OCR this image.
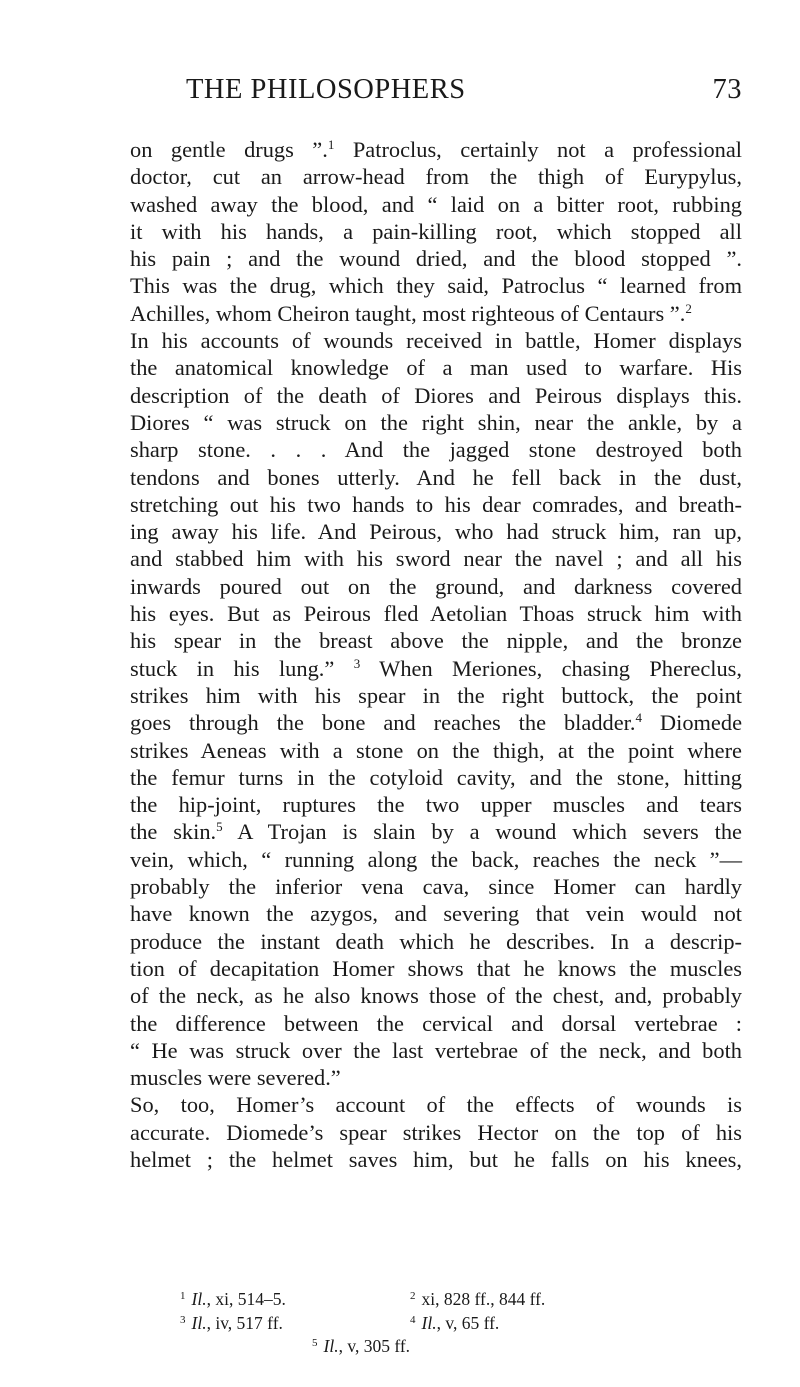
THE PHILOSOPHERS	73
on gentle drugs ”.$^1$ Patroclus, certainly not a professional
doctor, cut an arrow-head from the thigh of Eurypylus,
washed away the blood, and “ laid on a bitter root, rubbing
it with his hands, a pain-killing root, which stopped all
his pain ; and the wound dried, and the blood stopped ”.
This was the drug, which they said, Patroclus “ learned from
Achilles, whom Cheiron taught, most righteous of Centaurs ”.$^2$
In his accounts of wounds received in battle, Homer displays
the anatomical knowledge of a man used to warfare. His
description of the death of Diores and Peirous displays this.
Diores “ was struck on the right shin, near the ankle, by a
sharp stone. . . . And the jagged stone destroyed both
tendons and bones utterly. And he fell back in the dust,
stretching out his two hands to his dear comrades, and breath-
ing away his life. And Peirous, who had struck him, ran up,
and stabbed him with his sword near the navel ; and all his
inwards poured out on the ground, and darkness covered
his eyes. But as Peirous fled Aetolian Thoas struck him with
his spear in the breast above the nipple, and the bronze
stuck in his lung.” $^3$ When Meriones, chasing Phereclus,
strikes him with his spear in the right buttock, the point
goes through the bone and reaches the bladder.$^4$ Diomede
strikes Aeneas with a stone on the thigh, at the point where
the femur turns in the cotyloid cavity, and the stone, hitting
the hip-joint, ruptures the two upper muscles and tears
the skin.$^5$ A Trojan is slain by a wound which severs the
vein, which, “ running along the back, reaches the neck ”—
probably the inferior vena cava, since Homer can hardly
have known the azygos, and severing that vein would not
produce the instant death which he describes. In a descrip-
tion of decapitation Homer shows that he knows the muscles
of the neck, as he also knows those of the chest, and, probably
the difference between the cervical and dorsal vertebrae :
“ He was struck over the last vertebrae of the neck, and both
muscles were severed.”
So, too, Homer’s account of the effects of wounds is
accurate. Diomede’s spear strikes Hector on the top of his
helmet ; the helmet saves him, but he falls on his knees,
$^1$ Il., xi, 514–5.	$^2$ xi, 828 ff., 844 ff.
$^3$ Il., iv, 517 ff.	$^4$ Il., v, 65 ff.
$^5$ Il., v, 305 ff.
